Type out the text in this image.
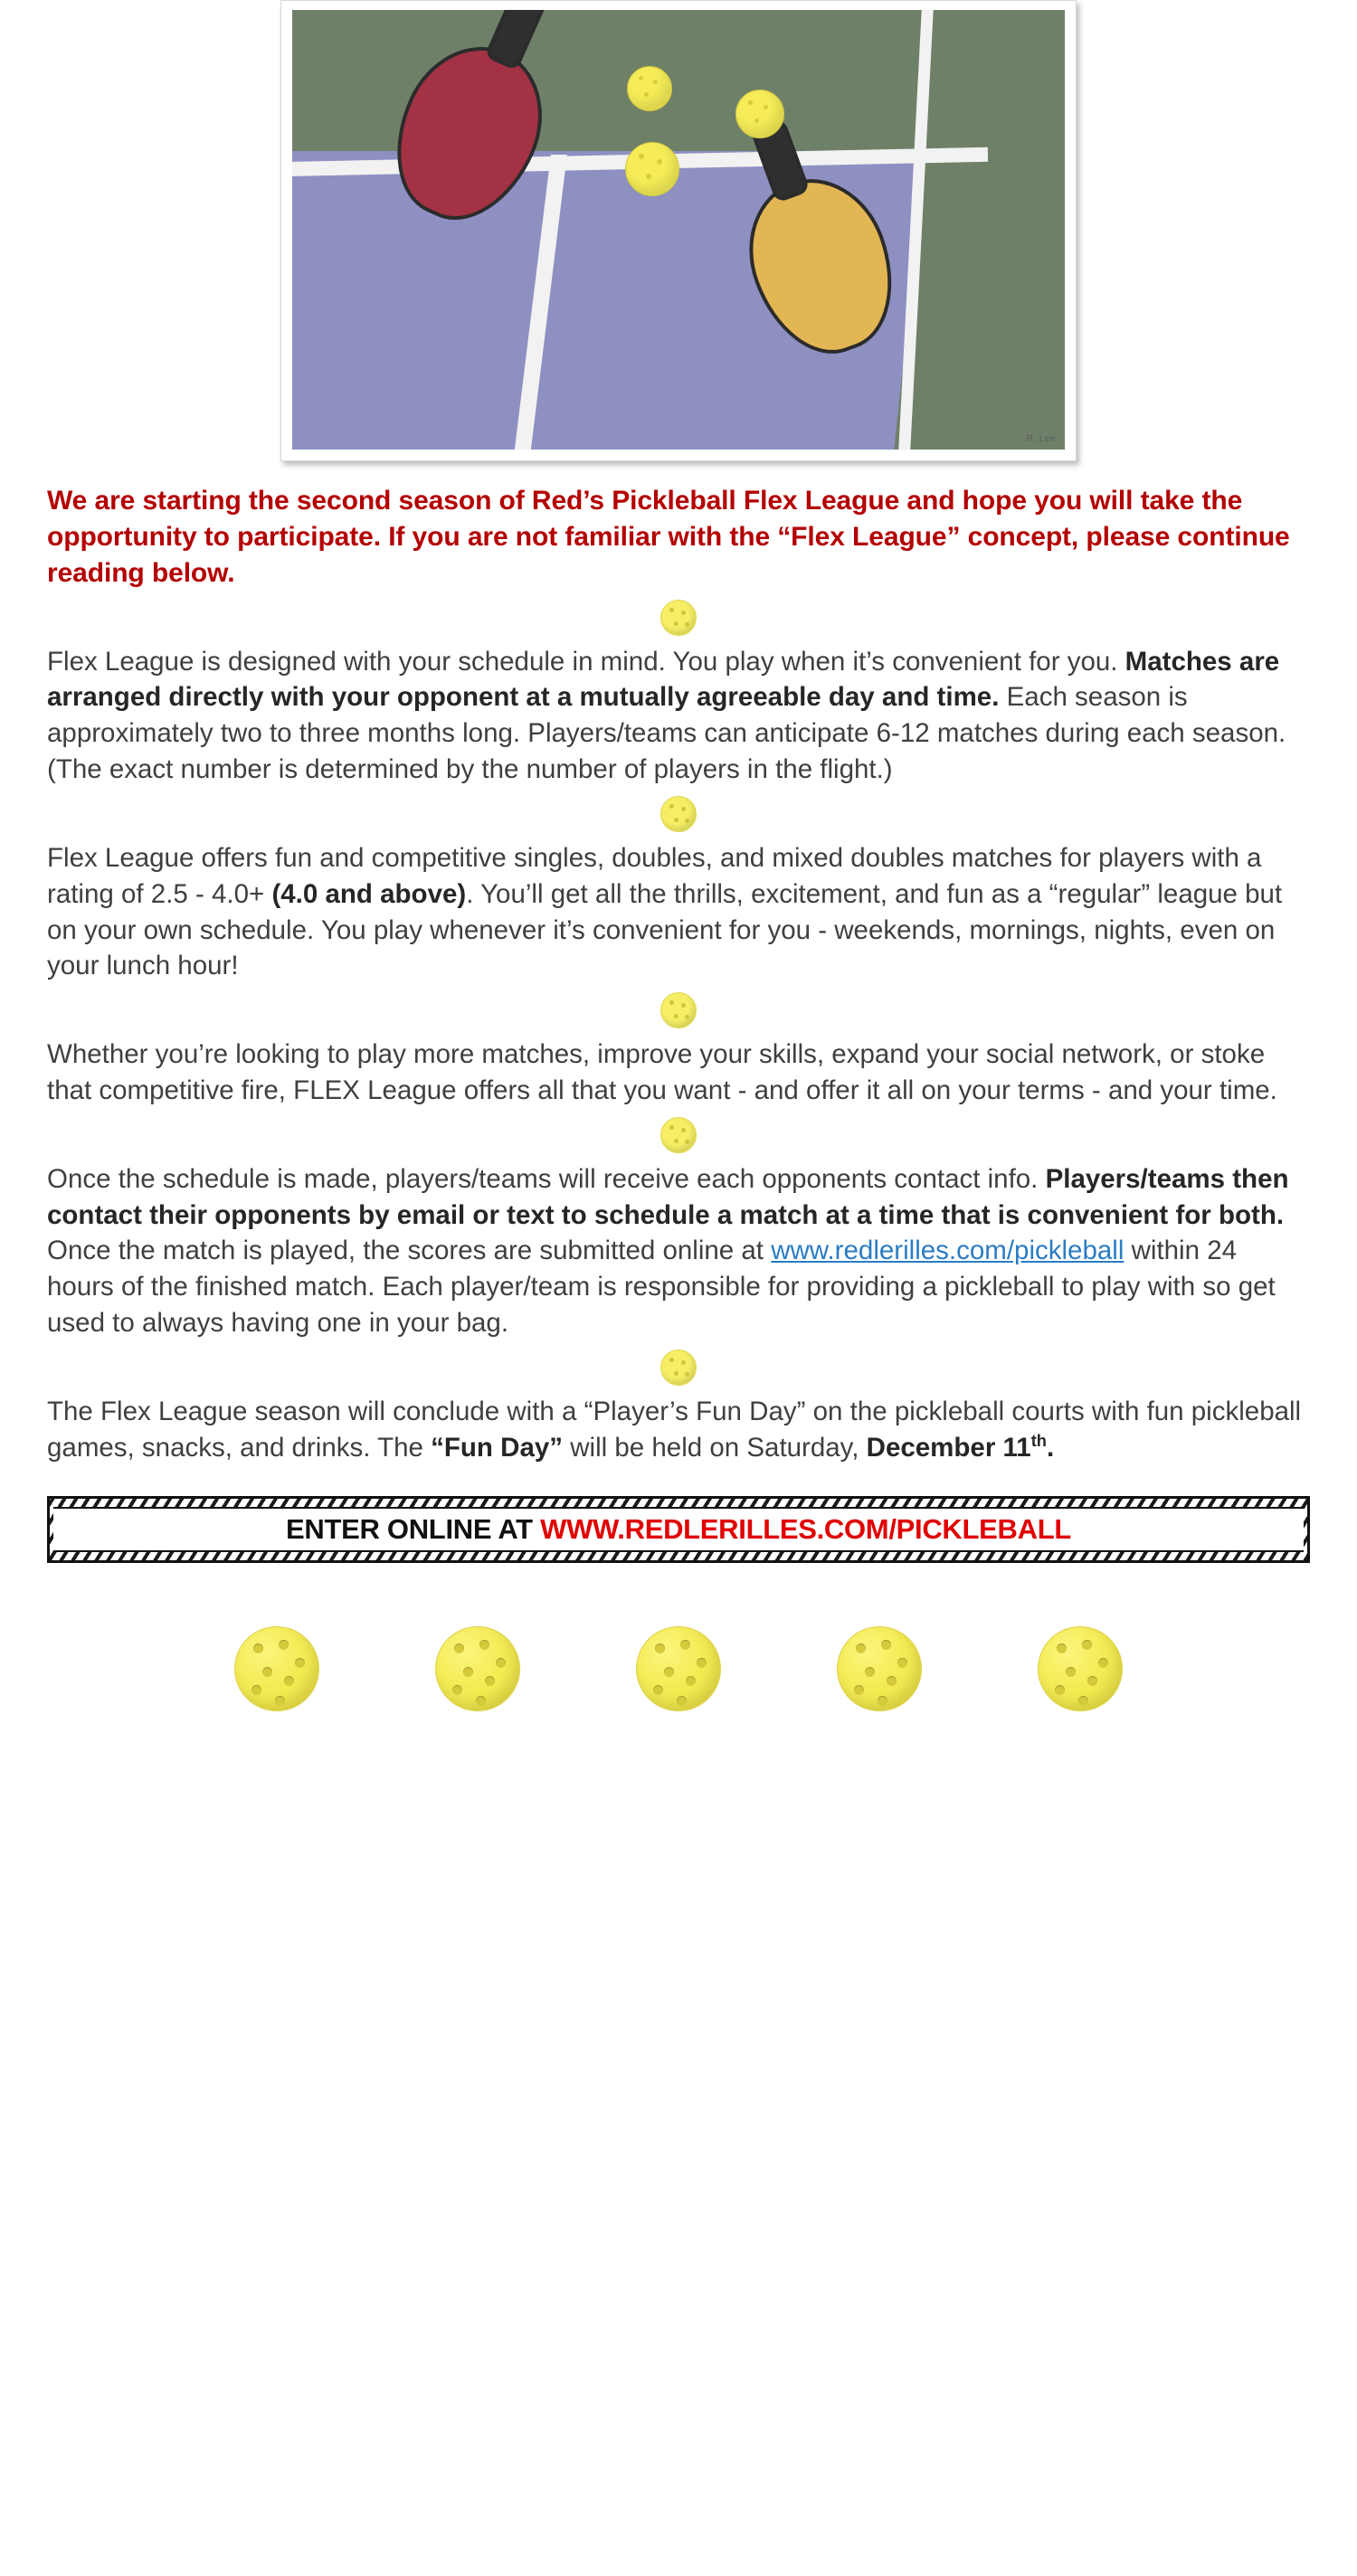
R. Lee

We are starting the second season of Red’s Pickleball Flex League and hope you will take the opportunity to participate. If you are not familiar with the “Flex League” concept, please continue reading below.

Flex League is designed with your schedule in mind. You play when it’s convenient for you. Matches are arranged directly with your opponent at a mutually agreeable day and time. Each season is approximately two to three months long. Players/teams can anticipate 6-12 matches during each season. (The exact number is determined by the number of players in the flight.)

Flex League offers fun and competitive singles, doubles, and mixed doubles matches for players with a rating of 2.5 - 4.0+ (4.0 and above). You’ll get all the thrills, excitement, and fun as a “regular” league but on your own schedule. You play whenever it’s convenient for you - weekends, mornings, nights, even on your lunch hour!

Whether you’re looking to play more matches, improve your skills, expand your social network, or stoke that competitive fire, FLEX League offers all that you want - and offer it all on your terms - and your time.

Once the schedule is made, players/teams will receive each opponents contact info. Players/teams then contact their opponents by email or text to schedule a match at a time that is convenient for both. Once the match is played, the scores are submitted online at www.redlerilles.com/pickleball within 24 hours of the finished match. Each player/team is responsible for providing a pickleball to play with so get used to always having one in your bag.

The Flex League season will conclude with a “Player’s Fun Day” on the pickleball courts with fun pickleball games, snacks, and drinks. The “Fun Day” will be held on Saturday, December 11th.

ENTER ONLINE AT WWW.REDLERILLES.COM/PICKLEBALL
